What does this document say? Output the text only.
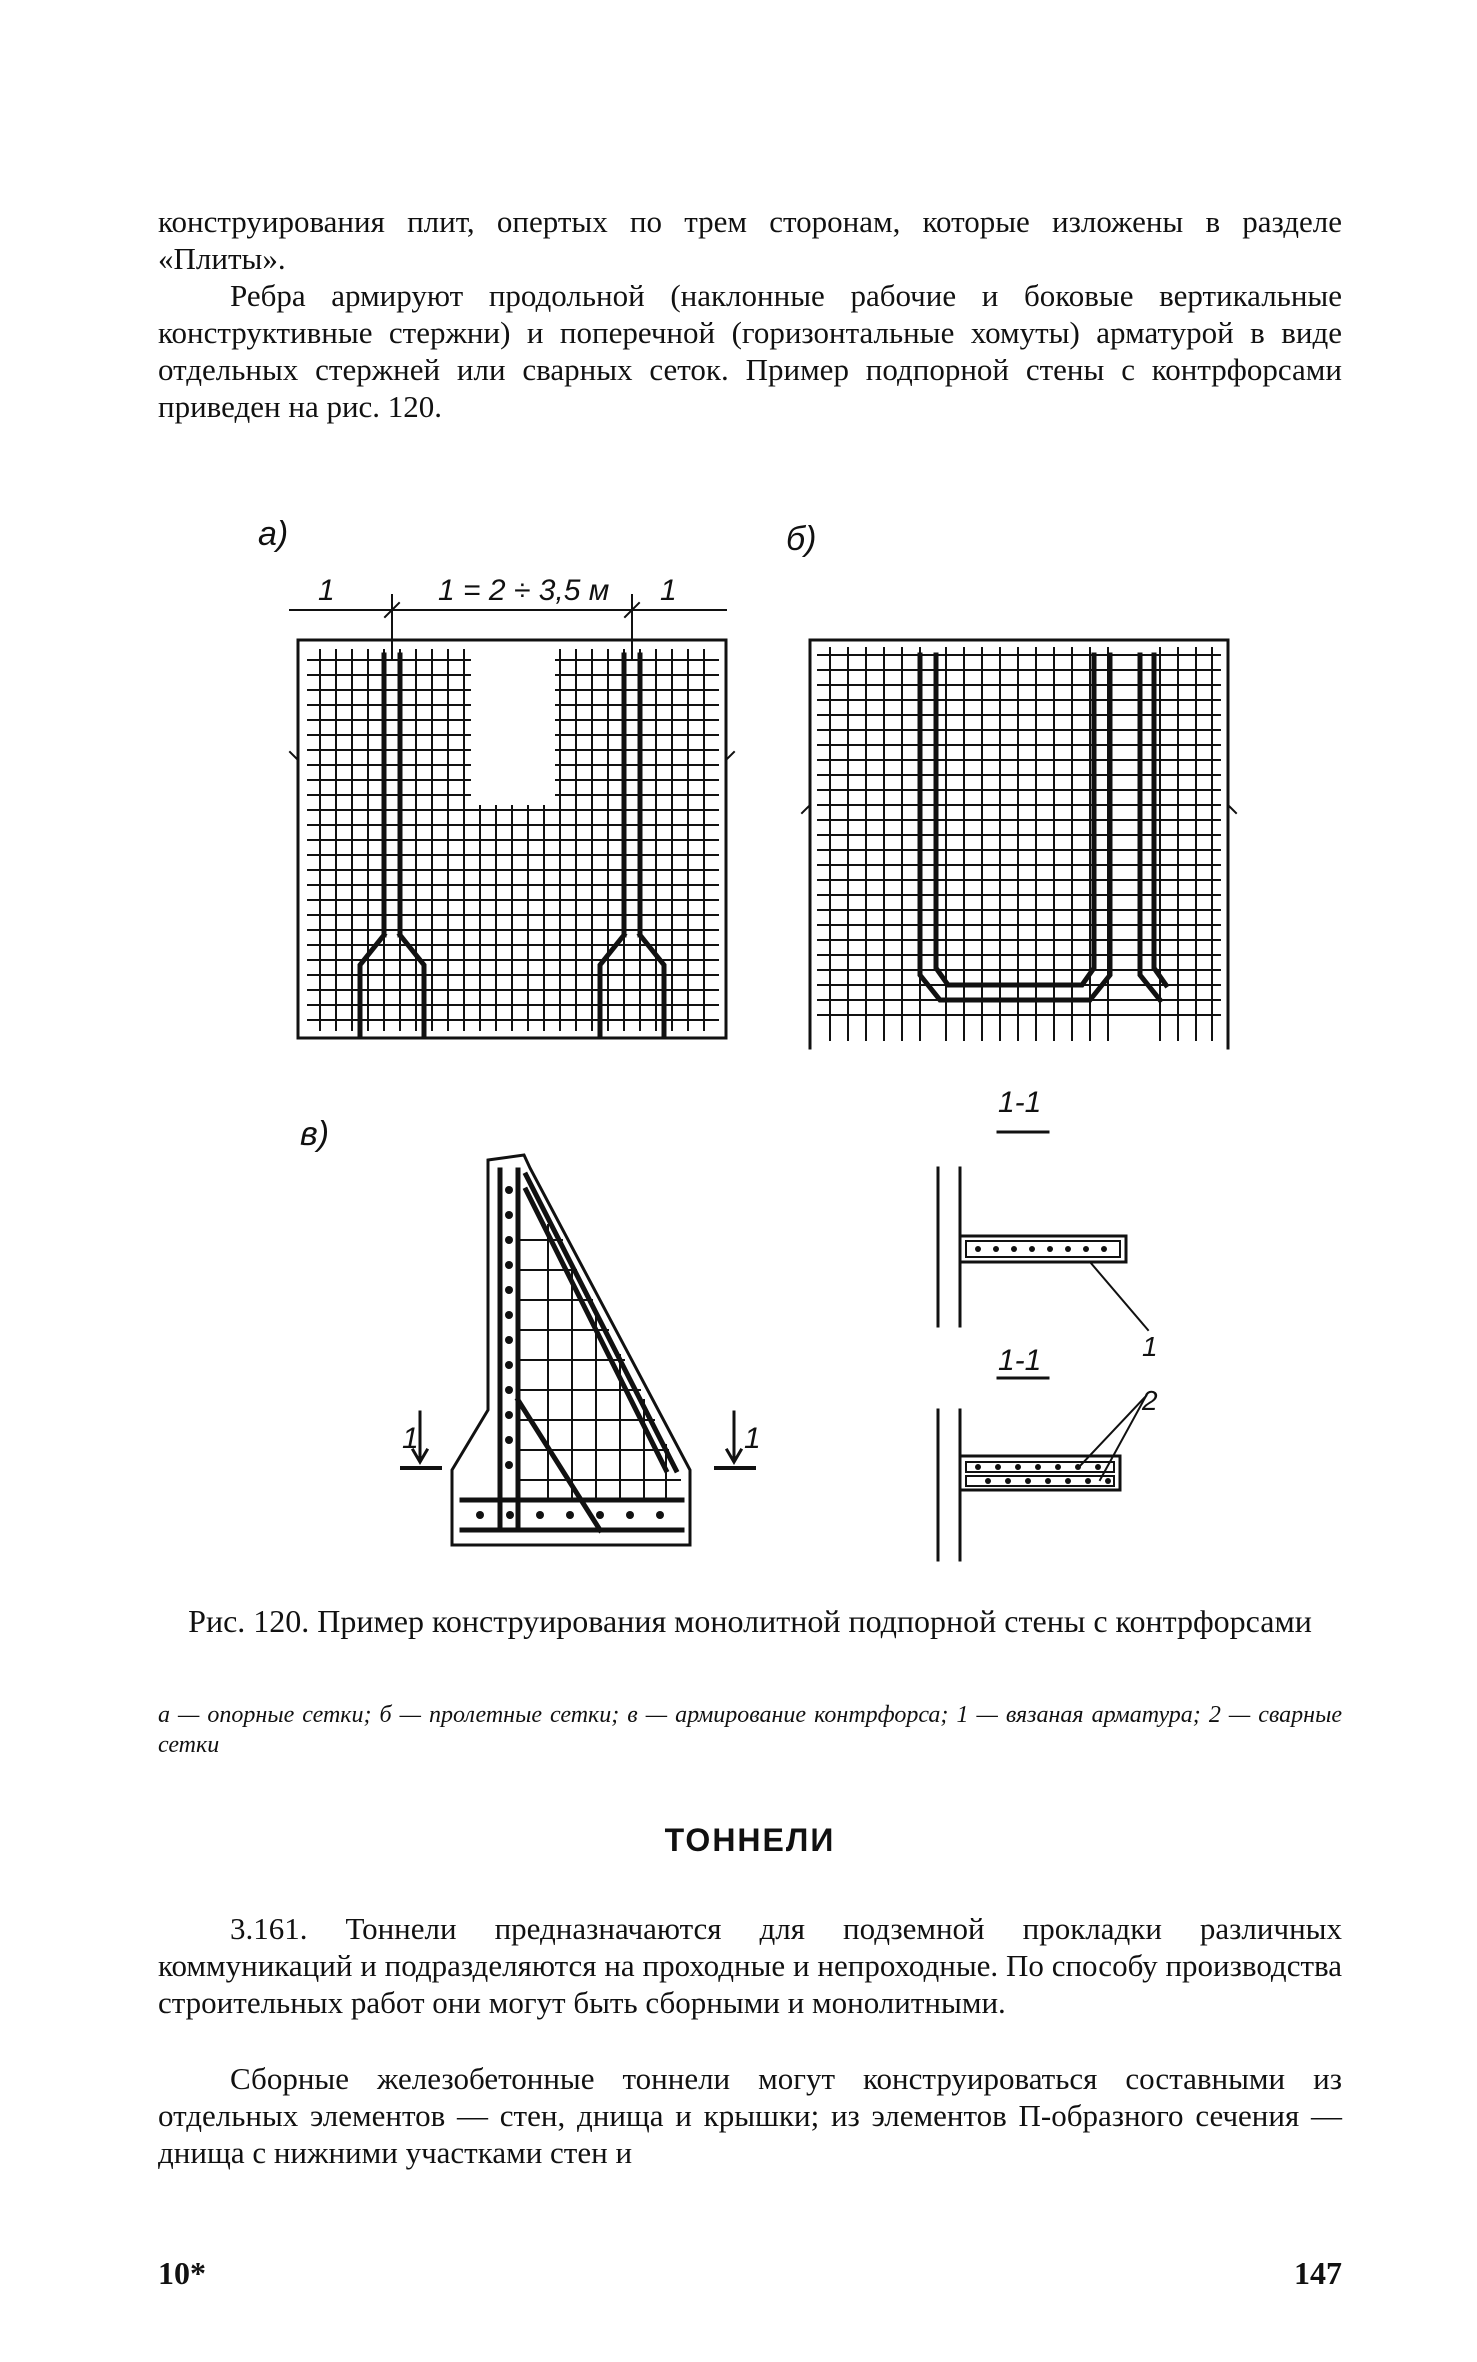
конструирования плит, опертых по трем сторонам, которые изложены в разделе «Плиты».

Ребра армируют продольной (наклонные рабочие и боковые вертикальные конструктивные стержни) и поперечной (горизонтальные хомуты) арматурой в виде отдельных стержней или сварных сеток. Пример подпорной стены с контрфорсами приведен на рис. 120.

а)	б)
в)
1	1 = 2 ÷ 3,5 м 1
1	1
1-1
1-1	1
2

Рис. 120. Пример конструирования монолитной подпорной стены с контрфорсами

а — опорные сетки; б — пролетные сетки; в — армирование контрфорса; 1 — вязаная арматура; 2 — сварные сетки

ТОННЕЛИ

3.161. Тоннели предназначаются для подземной прокладки различных коммуникаций и подразделяются на проходные и непроходные. По способу производства строительных работ они могут быть сборными и монолитными.

Сборные железобетонные тоннели могут конструироваться составными из отдельных элементов — стен, днища и крышки; из элементов П-образного сечения — днища с нижними участками стен и

10*	147
